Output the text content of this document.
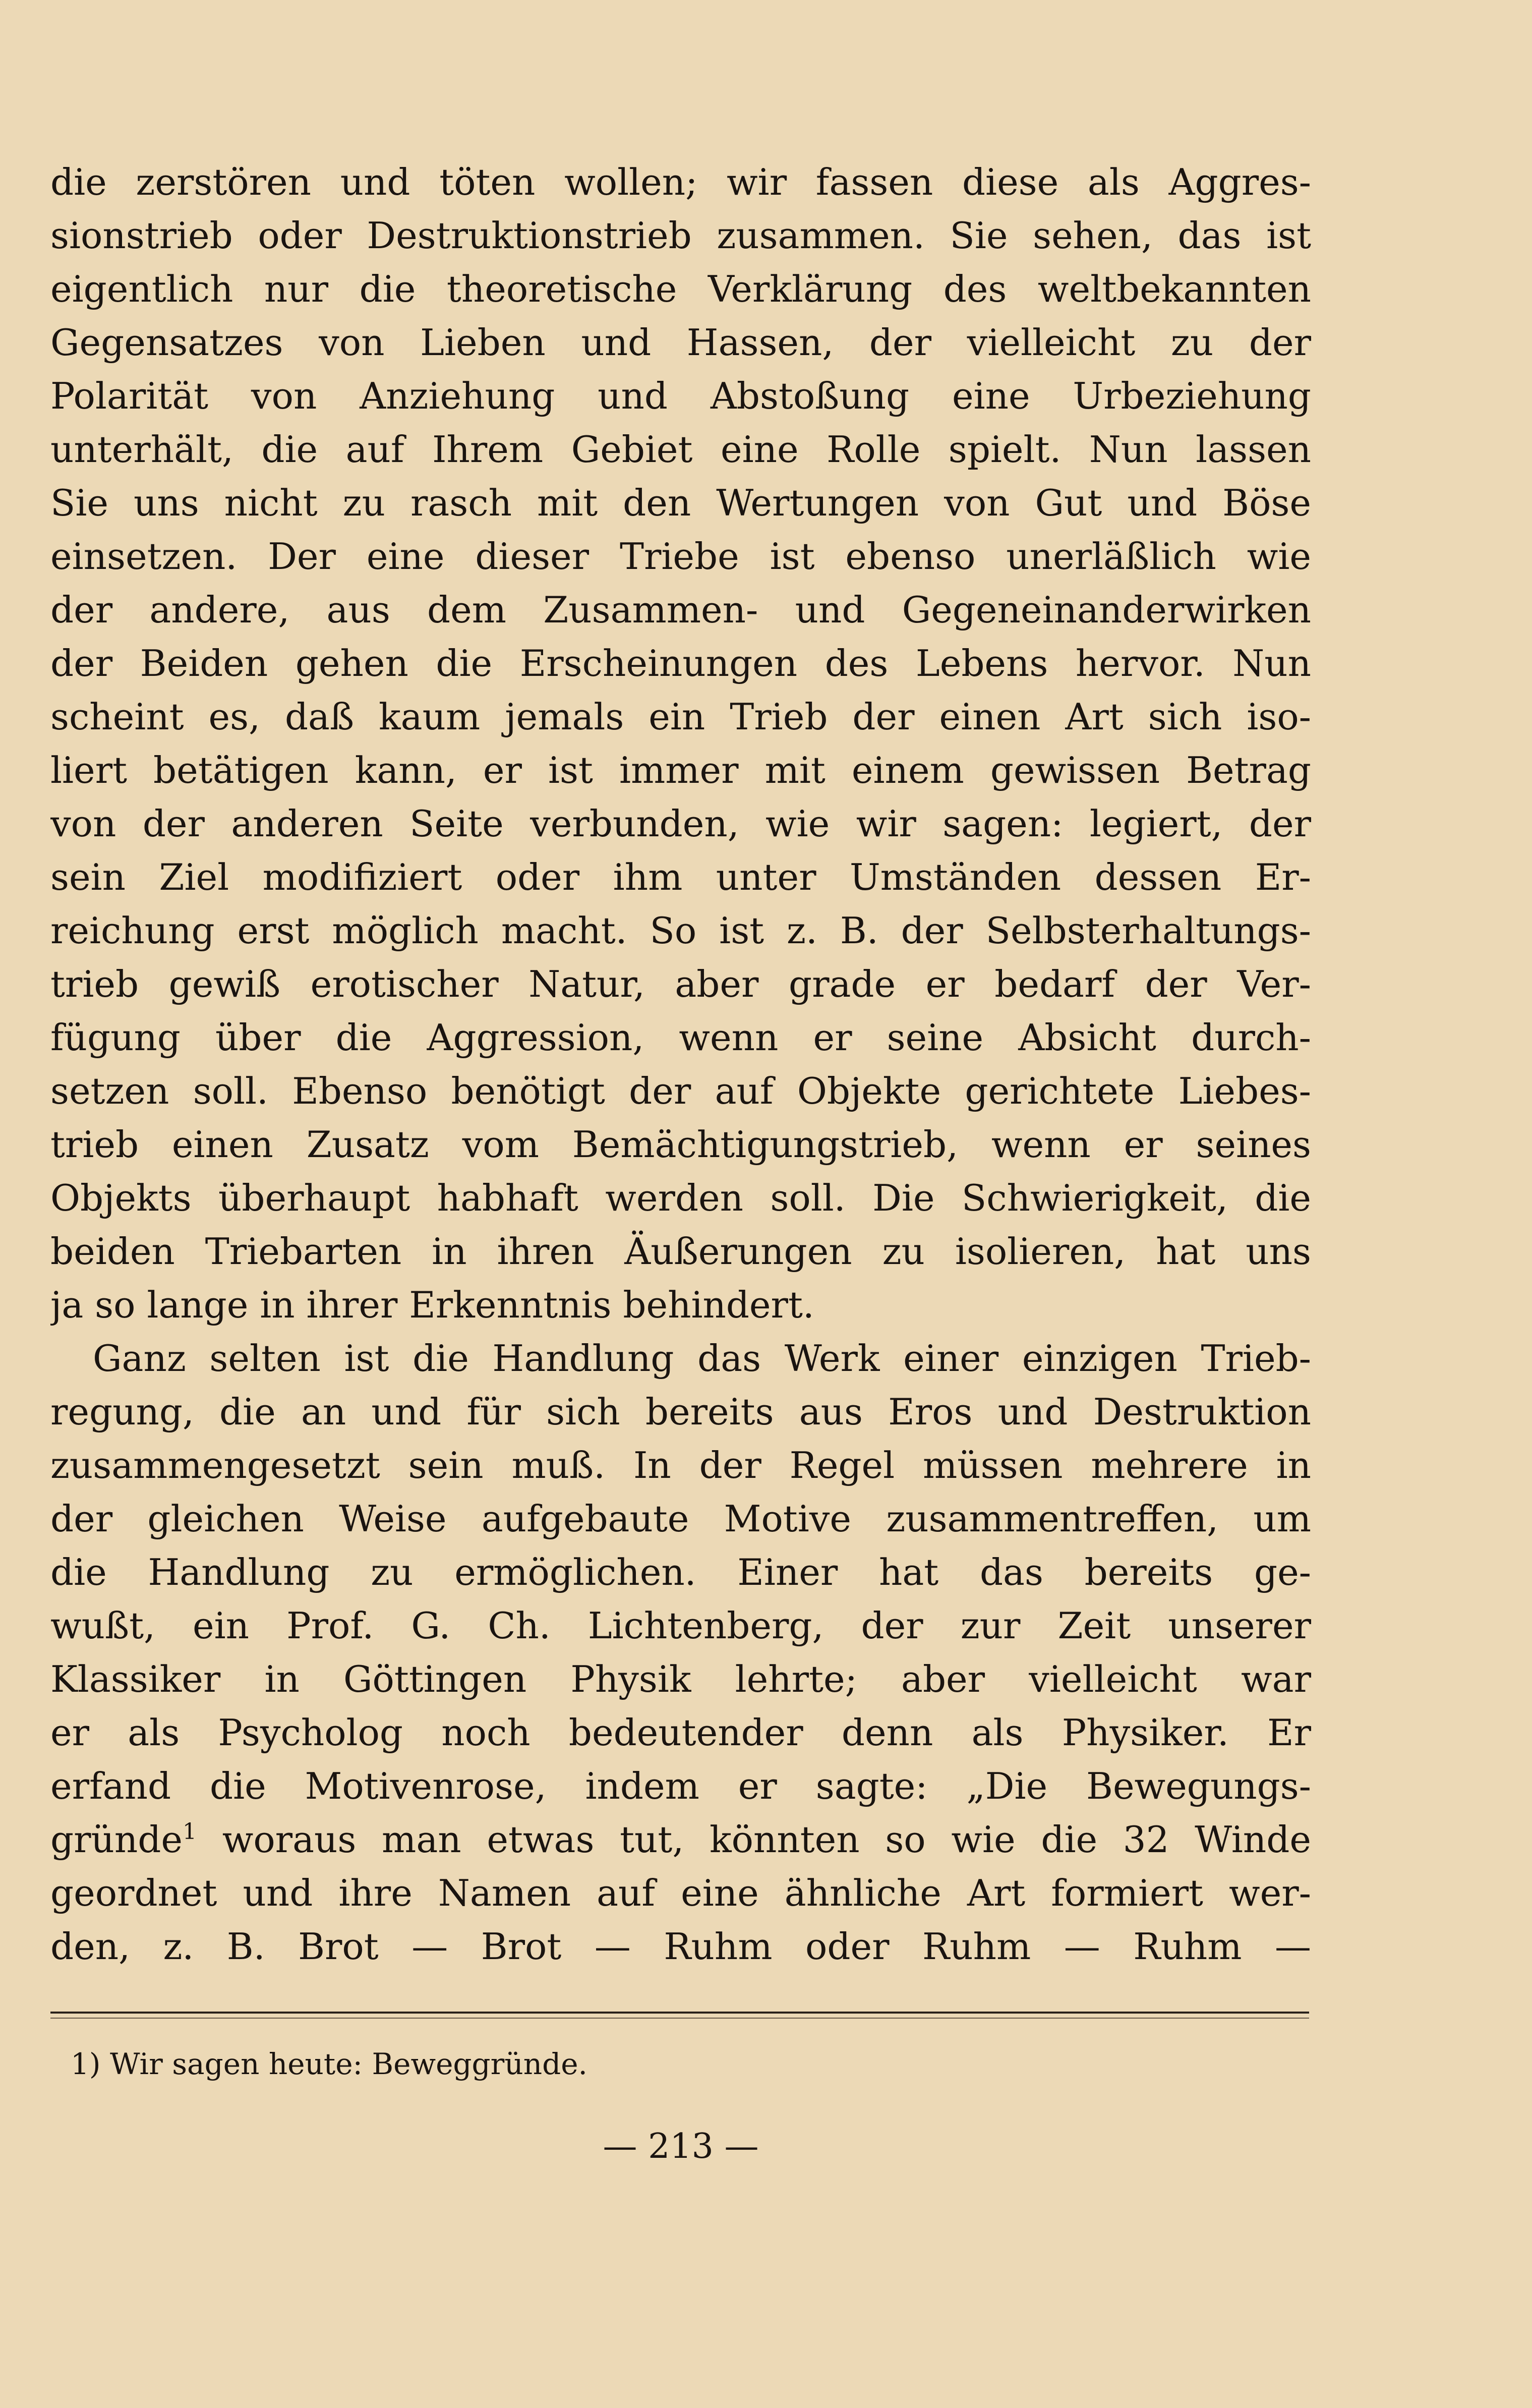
die zerstören und töten wollen; wir fassen diese als Aggres-
sionstrieb oder Destruktionstrieb zusammen. Sie sehen, das ist
eigentlich nur die theoretische Verklärung des weltbekannten
Gegensatzes von Lieben und Hassen, der vielleicht zu der
Polarität von Anziehung und Abstoßung eine Urbeziehung
unterhält, die auf Ihrem Gebiet eine Rolle spielt. Nun lassen
Sie uns nicht zu rasch mit den Wertungen von Gut und Böse
einsetzen. Der eine dieser Triebe ist ebenso unerläßlich wie
der andere, aus dem Zusammen- und Gegeneinanderwirken
der Beiden gehen die Erscheinungen des Lebens hervor. Nun
scheint es, daß kaum jemals ein Trieb der einen Art sich iso-
liert betätigen kann, er ist immer mit einem gewissen Betrag
von der anderen Seite verbunden, wie wir sagen: legiert, der
sein Ziel modifiziert oder ihm unter Umständen dessen Er-
reichung erst möglich macht. So ist z. B. der Selbsterhaltungs-
trieb gewiß erotischer Natur, aber grade er bedarf der Ver-
fügung über die Aggression, wenn er seine Absicht durch-
setzen soll. Ebenso benötigt der auf Objekte gerichtete Liebes-
trieb einen Zusatz vom Bemächtigungstrieb, wenn er seines
Objekts überhaupt habhaft werden soll. Die Schwierigkeit, die
beiden Triebarten in ihren Äußerungen zu isolieren, hat uns
ja so lange in ihrer Erkenntnis behindert.
Ganz selten ist die Handlung das Werk einer einzigen Trieb-
regung, die an und für sich bereits aus Eros und Destruktion
zusammengesetzt sein muß. In der Regel müssen mehrere in
der gleichen Weise aufgebaute Motive zusammentreffen, um
die Handlung zu ermöglichen. Einer hat das bereits ge-
wußt, ein Prof. G. Ch. Lichtenberg, der zur Zeit unserer
Klassiker in Göttingen Physik lehrte; aber vielleicht war
er als Psycholog noch bedeutender denn als Physiker. Er
erfand die Motivenrose, indem er sagte: „Die Bewegungs-
gründe$^1$ woraus man etwas tut, könnten so wie die 32 Winde
geordnet und ihre Namen auf eine ähnliche Art formiert wer-
den, z. B. Brot — Brot — Ruhm oder Ruhm — Ruhm —
1) Wir sagen heute: Beweggründe.
— 213 —
